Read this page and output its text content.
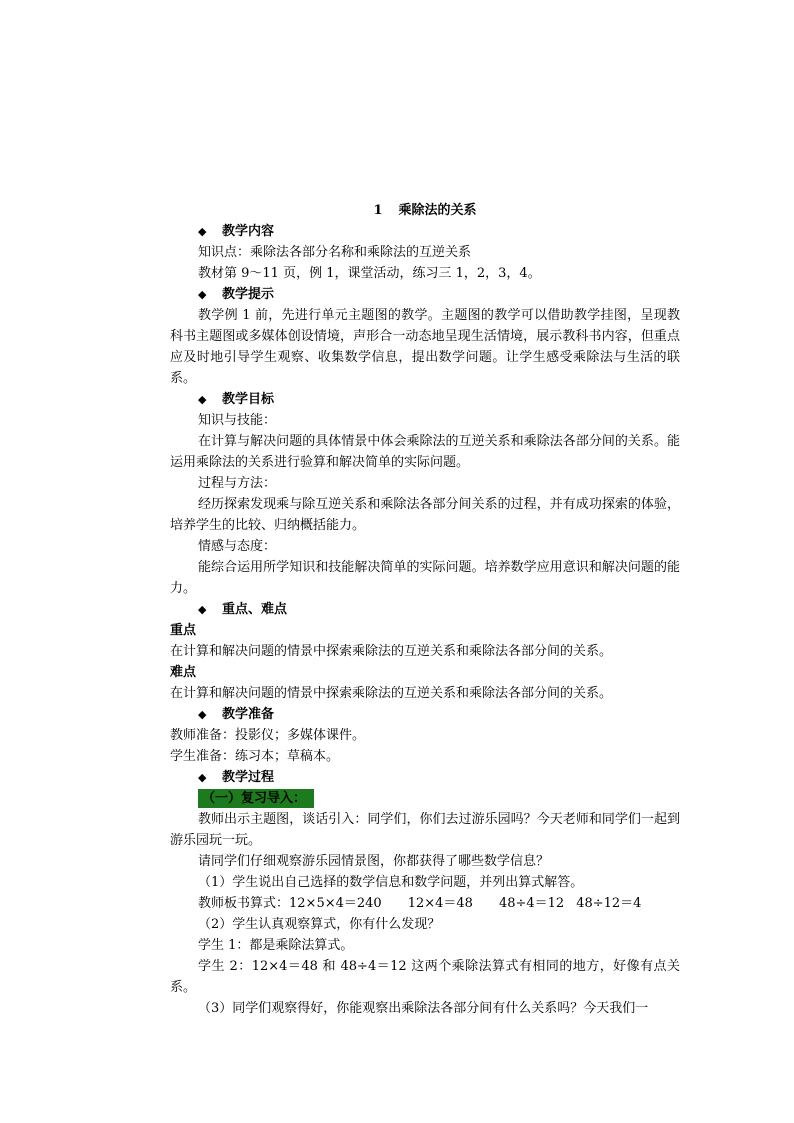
1 乘除法的关系
◆ 教学内容
知识点：乘除法各部分名称和乘除法的互逆关系
教材第 9～11 页，例 1，课堂活动，练习三 1，2，3，4。
◆ 教学提示
教学例 1 前，先进行单元主题图的教学。主题图的教学可以借助教学挂图，呈现教科书主题图或多媒体创设情境，声形合一动态地呈现生活情境，展示教科书内容，但重点应及时地引导学生观察、收集数学信息，提出数学问题。让学生感受乘除法与生活的联系。
◆ 教学目标
知识与技能：
在计算与解决问题的具体情景中体会乘除法的互逆关系和乘除法各部分间的关系。能运用乘除法的关系进行验算和解决简单的实际问题。
过程与方法：
经历探索发现乘与除互逆关系和乘除法各部分间关系的过程，并有成功探索的体验，培养学生的比较、归纳概括能力。
情感与态度：
能综合运用所学知识和技能解决简单的实际问题。培养数学应用意识和解决问题的能力。
◆ 重点、难点
重点
在计算和解决问题的情景中探索乘除法的互逆关系和乘除法各部分间的关系。
难点
在计算和解决问题的情景中探索乘除法的互逆关系和乘除法各部分间的关系。
◆ 教学准备
教师准备：投影仪；多媒体课件。
学生准备：练习本；草稿本。
◆ 教学过程
（一）复习导入：
教师出示主题图，谈话引入：同学们，你们去过游乐园吗？今天老师和同学们一起到游乐园玩一玩。
请同学们仔细观察游乐园情景图，你都获得了哪些数学信息？
（1）学生说出自己选择的数学信息和数学问题，并列出算式解答。
教师板书算式：12×5×4＝240 12×4＝48 48÷4＝12 48÷12＝4
（2）学生认真观察算式，你有什么发现？
学生 1：都是乘除法算式。
学生 2：12×4＝48 和 48÷4＝12 这两个乘除法算式有相同的地方，好像有点关系。
（3）同学们观察得好，你能观察出乘除法各部分间有什么关系吗？今天我们一
